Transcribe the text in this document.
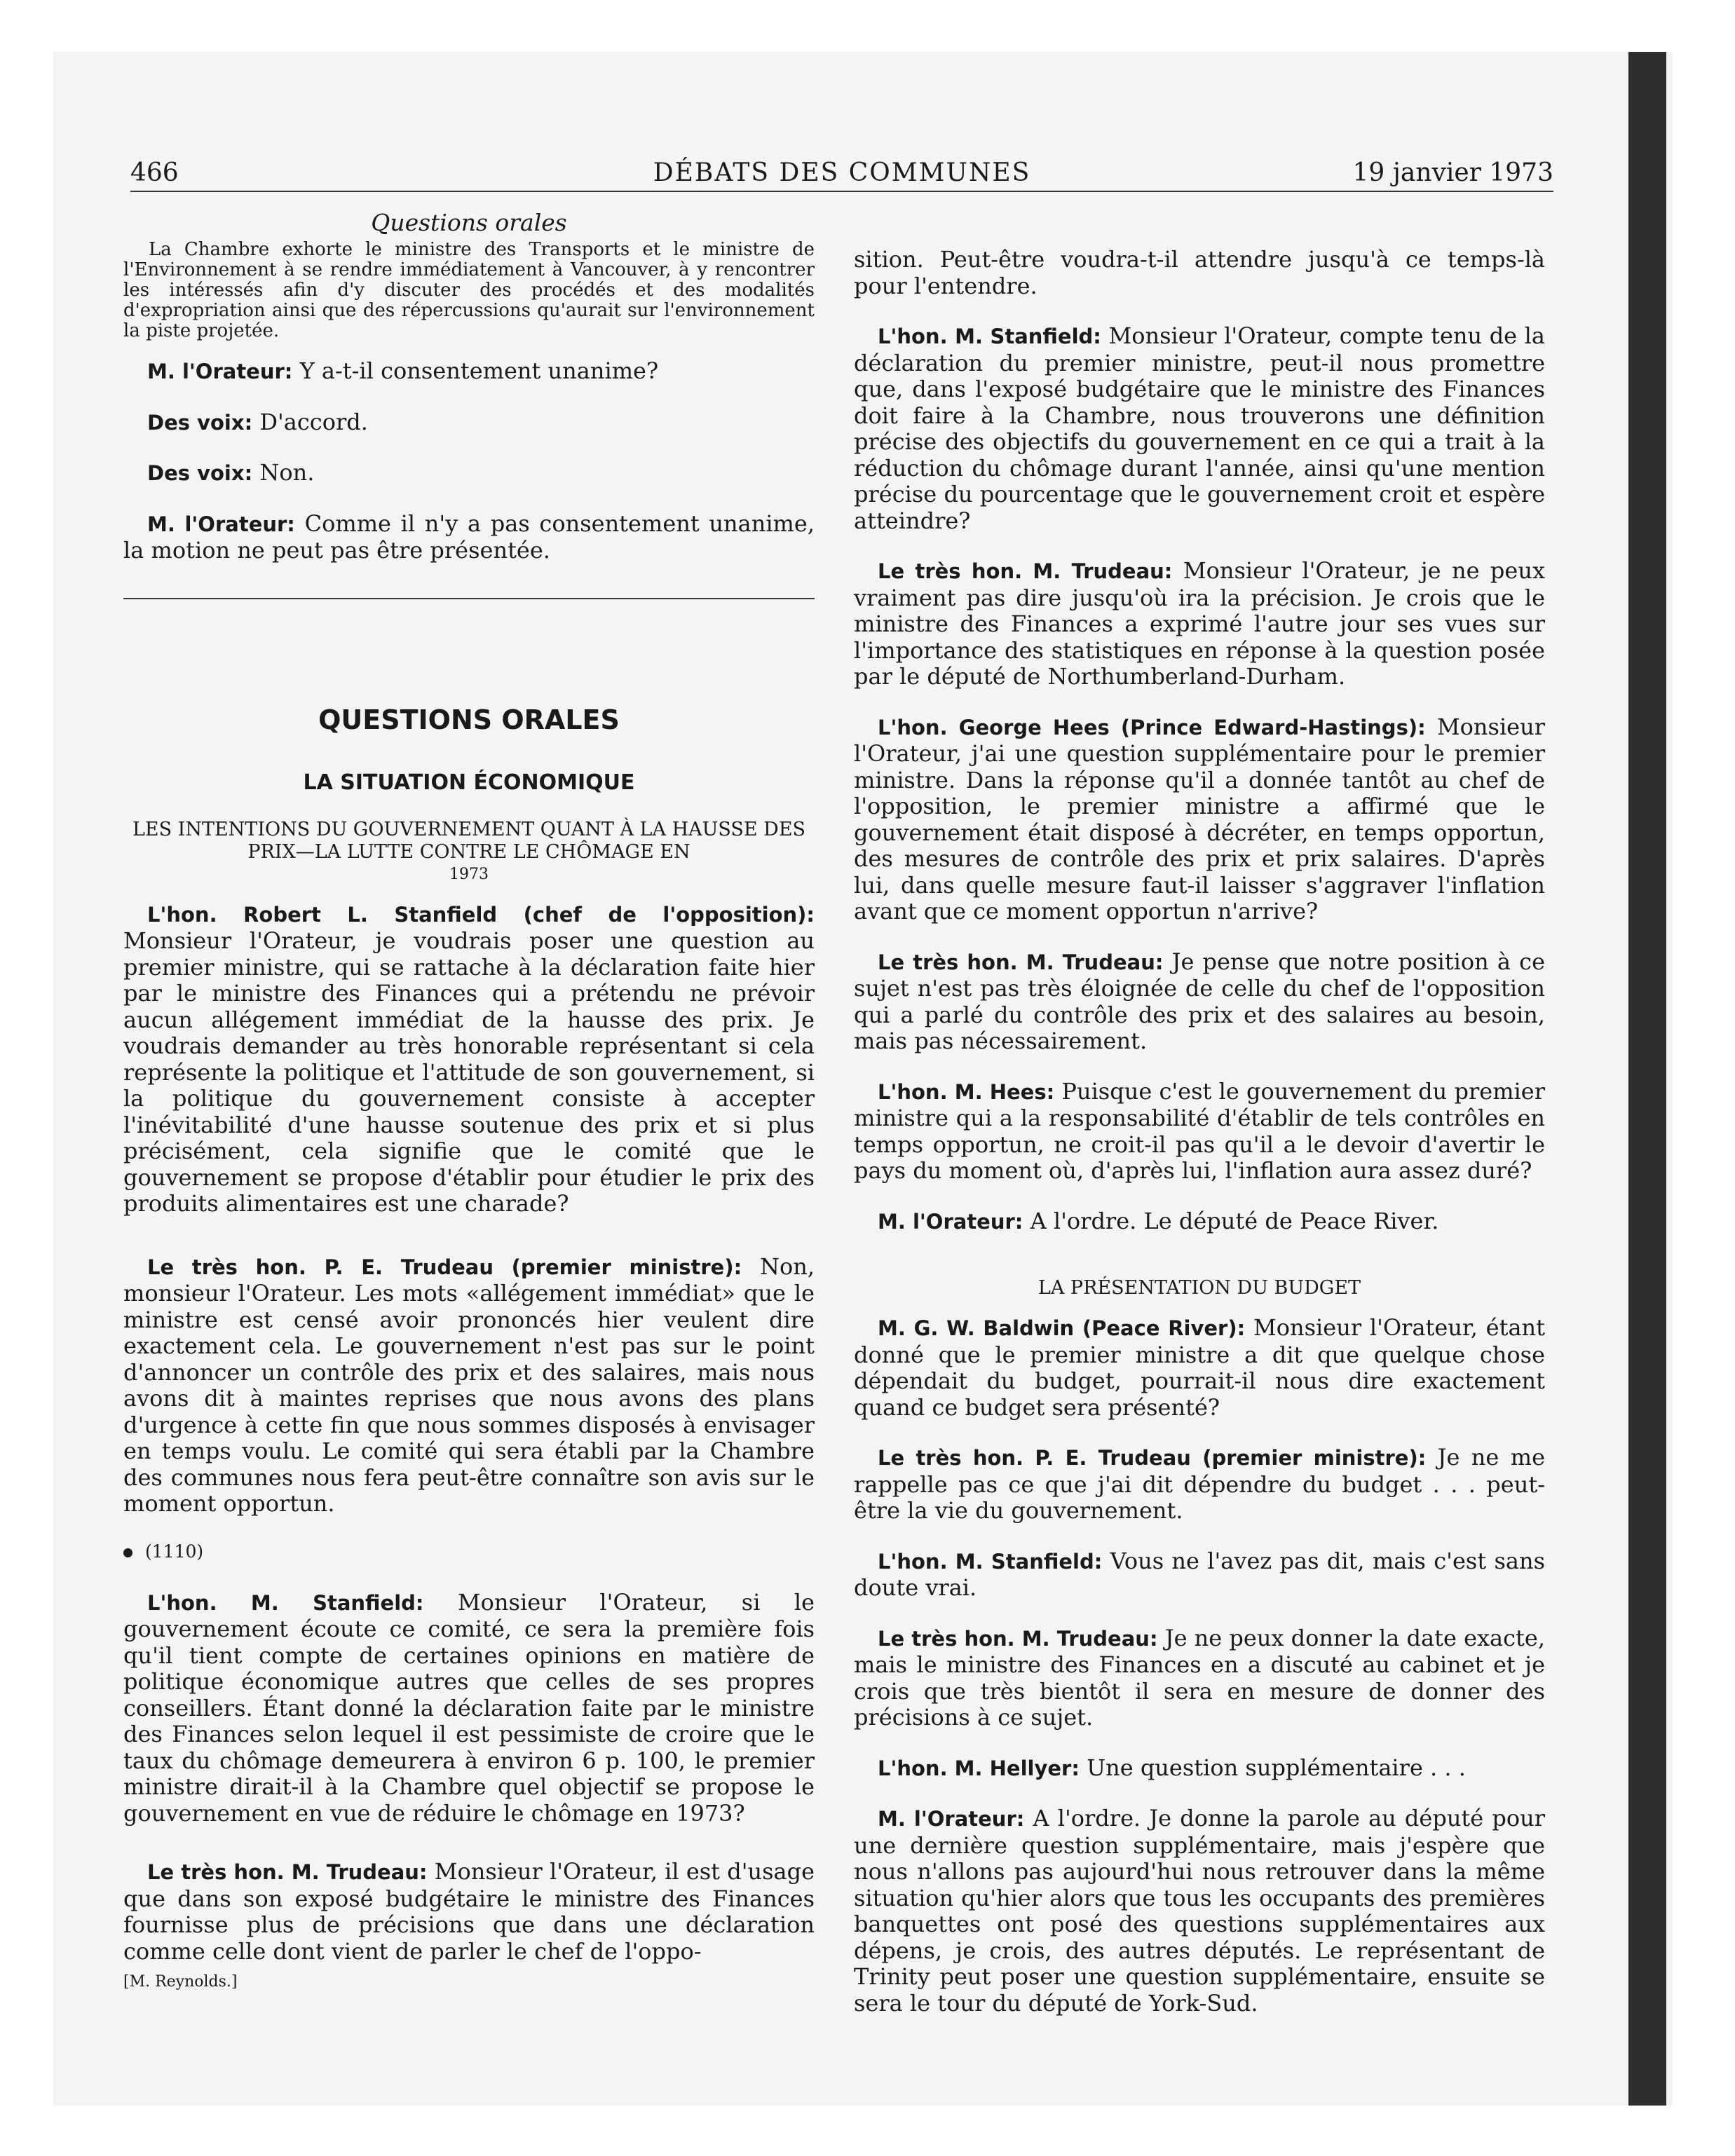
466	DÉBATS DES COMMUNES	19 janvier 1973
Questions orales

La Chambre exhorte le ministre des Transports et le ministre de l'Environnement à se rendre immédiatement à Vancouver, à y rencontrer les intéressés afin d'y discuter des procédés et des modalités d'expropriation ainsi que des répercussions qu'aurait sur l'environnement la piste projetée.

M. l'Orateur: Y a-t-il consentement unanime?

Des voix: D'accord.

Des voix: Non.

M. l'Orateur: Comme il n'y a pas consentement unanime, la motion ne peut pas être présentée.

QUESTIONS ORALES
LA SITUATION ÉCONOMIQUE
LES INTENTIONS DU GOUVERNEMENT QUANT À LA HAUSSE DES PRIX—LA LUTTE CONTRE LE CHÔMAGE EN
1973

L'hon. Robert L. Stanfield (chef de l'opposition): Monsieur l'Orateur, je voudrais poser une question au premier ministre, qui se rattache à la déclaration faite hier par le ministre des Finances qui a prétendu ne prévoir aucun allégement immédiat de la hausse des prix. Je voudrais demander au très honorable représentant si cela représente la politique et l'attitude de son gouvernement, si la politique du gouvernement consiste à accepter l'inévitabilité d'une hausse soutenue des prix et si plus précisément, cela signifie que le comité que le gouvernement se propose d'établir pour étudier le prix des produits alimentaires est une charade?

Le très hon. P. E. Trudeau (premier ministre): Non, monsieur l'Orateur. Les mots «allégement immédiat» que le ministre est censé avoir prononcés hier veulent dire exactement cela. Le gouvernement n'est pas sur le point d'annoncer un contrôle des prix et des salaires, mais nous avons dit à maintes reprises que nous avons des plans d'urgence à cette fin que nous sommes disposés à envisager en temps voulu. Le comité qui sera établi par la Chambre des communes nous fera peut-être connaître son avis sur le moment opportun.

(1110)

L'hon. M. Stanfield: Monsieur l'Orateur, si le gouvernement écoute ce comité, ce sera la première fois qu'il tient compte de certaines opinions en matière de politique économique autres que celles de ses propres conseillers. Étant donné la déclaration faite par le ministre des Finances selon lequel il est pessimiste de croire que le taux du chômage demeurera à environ 6 p. 100, le premier ministre dirait-il à la Chambre quel objectif se propose le gouvernement en vue de réduire le chômage en 1973?

Le très hon. M. Trudeau: Monsieur l'Orateur, il est d'usage que dans son exposé budgétaire le ministre des Finances fournisse plus de précisions que dans une déclaration comme celle dont vient de parler le chef de l'oppo-

[M. Reynolds.]

sition. Peut-être voudra-t-il attendre jusqu'à ce temps-là pour l'entendre.

L'hon. M. Stanfield: Monsieur l'Orateur, compte tenu de la déclaration du premier ministre, peut-il nous promettre que, dans l'exposé budgétaire que le ministre des Finances doit faire à la Chambre, nous trouverons une définition précise des objectifs du gouvernement en ce qui a trait à la réduction du chômage durant l'année, ainsi qu'une mention précise du pourcentage que le gouvernement croit et espère atteindre?

Le très hon. M. Trudeau: Monsieur l'Orateur, je ne peux vraiment pas dire jusqu'où ira la précision. Je crois que le ministre des Finances a exprimé l'autre jour ses vues sur l'importance des statistiques en réponse à la question posée par le député de Northumberland-Durham.

L'hon. George Hees (Prince Edward-Hastings): Monsieur l'Orateur, j'ai une question supplémentaire pour le premier ministre. Dans la réponse qu'il a donnée tantôt au chef de l'opposition, le premier ministre a affirmé que le gouvernement était disposé à décréter, en temps opportun, des mesures de contrôle des prix et prix salaires. D'après lui, dans quelle mesure faut-il laisser s'aggraver l'inflation avant que ce moment opportun n'arrive?

Le très hon. M. Trudeau: Je pense que notre position à ce sujet n'est pas très éloignée de celle du chef de l'opposition qui a parlé du contrôle des prix et des salaires au besoin, mais pas nécessairement.

L'hon. M. Hees: Puisque c'est le gouvernement du premier ministre qui a la responsabilité d'établir de tels contrôles en temps opportun, ne croit-il pas qu'il a le devoir d'avertir le pays du moment où, d'après lui, l'inflation aura assez duré?

M. l'Orateur: A l'ordre. Le député de Peace River.

LA PRÉSENTATION DU BUDGET

M. G. W. Baldwin (Peace River): Monsieur l'Orateur, étant donné que le premier ministre a dit que quelque chose dépendait du budget, pourrait-il nous dire exactement quand ce budget sera présenté?

Le très hon. P. E. Trudeau (premier ministre): Je ne me rappelle pas ce que j'ai dit dépendre du budget . . . peut-être la vie du gouvernement.

L'hon. M. Stanfield: Vous ne l'avez pas dit, mais c'est sans doute vrai.

Le très hon. M. Trudeau: Je ne peux donner la date exacte, mais le ministre des Finances en a discuté au cabinet et je crois que très bientôt il sera en mesure de donner des précisions à ce sujet.

L'hon. M. Hellyer: Une question supplémentaire . . .

M. l'Orateur: A l'ordre. Je donne la parole au député pour une dernière question supplémentaire, mais j'espère que nous n'allons pas aujourd'hui nous retrouver dans la même situation qu'hier alors que tous les occupants des premières banquettes ont posé des questions supplémentaires aux dépens, je crois, des autres députés. Le représentant de Trinity peut poser une question supplémentaire, ensuite se sera le tour du député de York-Sud.
